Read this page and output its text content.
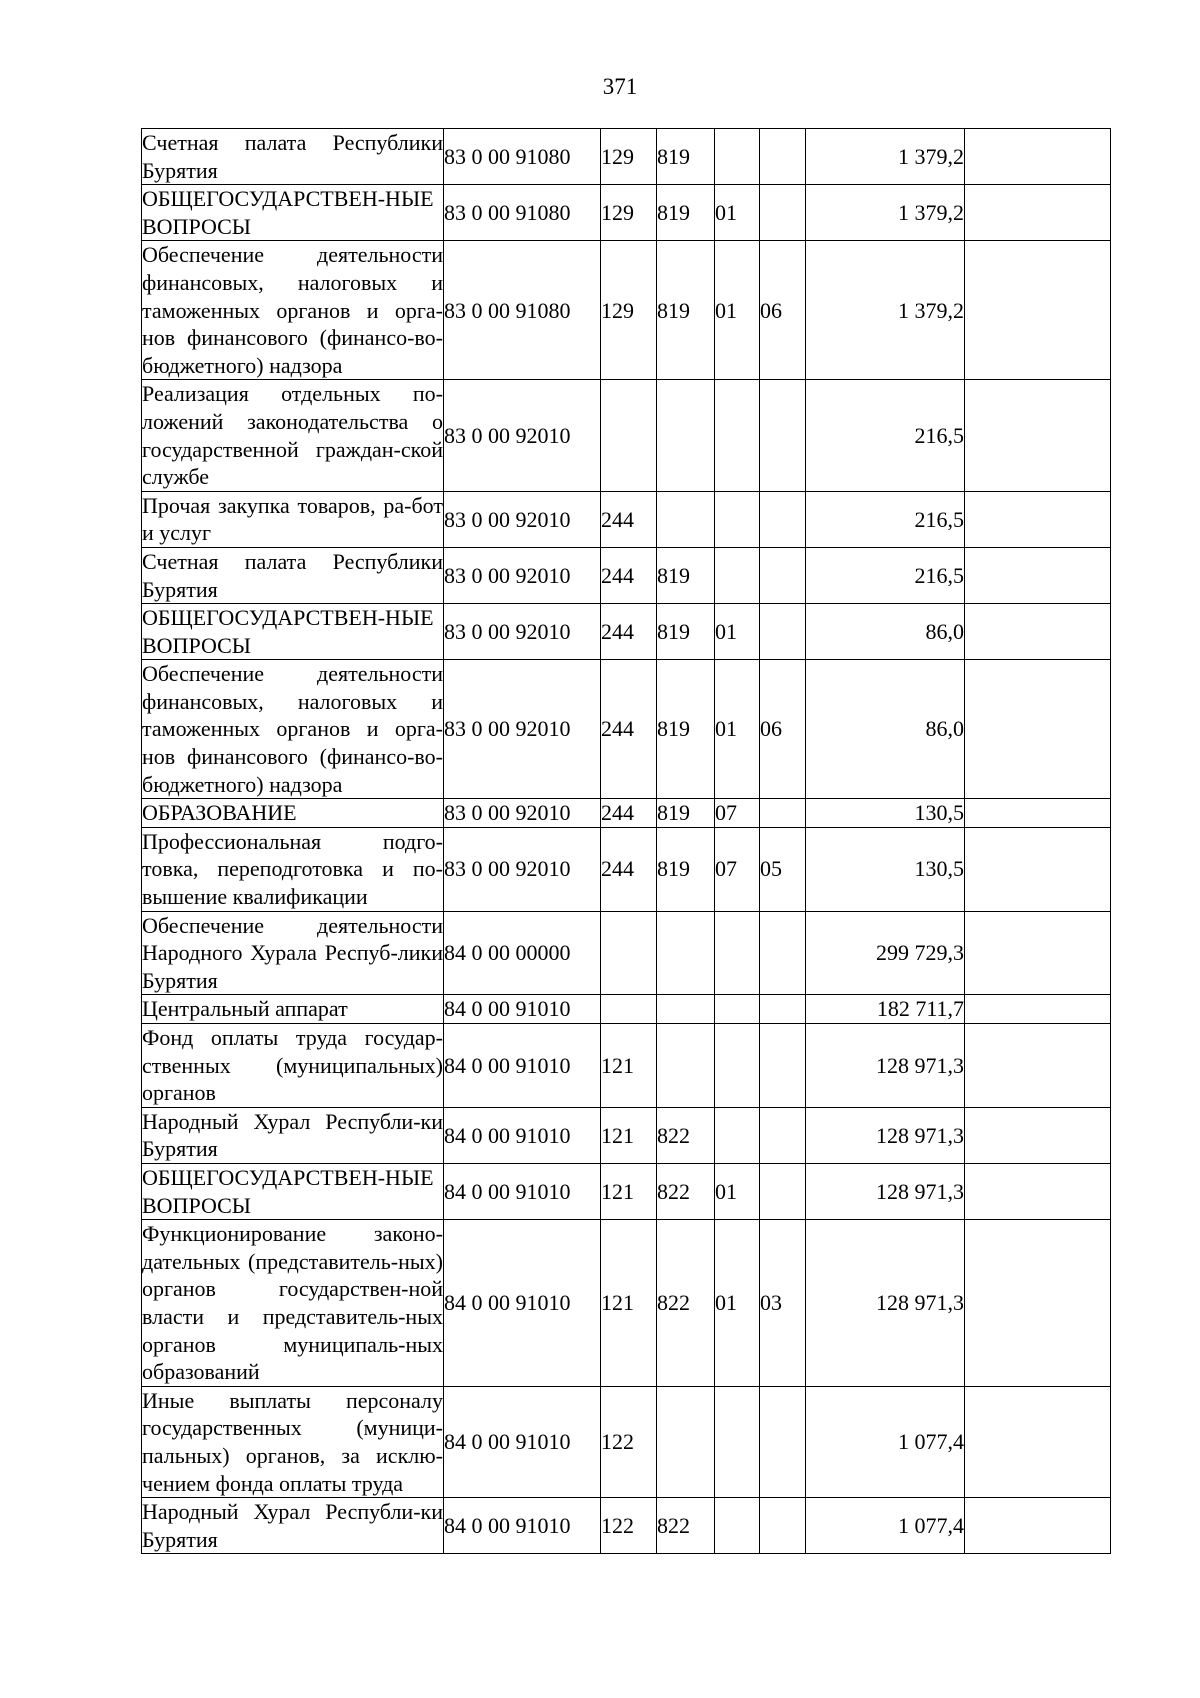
371
Счетная палата Республики Бурятия	83 0 00 91080	129	819			1 379,2	
ОБЩЕГОСУДАРСТВЕН-НЫЕ ВОПРОСЫ	83 0 00 91080	129	819	01		1 379,2	
Обеспечение деятельности финансовых, налоговых и таможенных органов и орга-нов финансового (финансо-во-бюджетного) надзора	83 0 00 91080	129	819	01	06	1 379,2	
Реализация отдельных по-ложений законодательства о государственной граждан-ской службе	83 0 00 92010					216,5	
Прочая закупка товаров, ра-бот и услуг	83 0 00 92010	244				216,5	
Счетная палата Республики Бурятия	83 0 00 92010	244	819			216,5	
ОБЩЕГОСУДАРСТВЕН-НЫЕ ВОПРОСЫ	83 0 00 92010	244	819	01		86,0	
Обеспечение деятельности финансовых, налоговых и таможенных органов и орга-нов финансового (финансо-во-бюджетного) надзора	83 0 00 92010	244	819	01	06	86,0	
ОБРАЗОВАНИЕ	83 0 00 92010	244	819	07		130,5	
Профессиональная подго-товка, переподготовка и по-вышение квалификации	83 0 00 92010	244	819	07	05	130,5	
Обеспечение деятельности Народного Хурала Респуб-лики Бурятия	84 0 00 00000					299 729,3	
Центральный аппарат	84 0 00 91010					182 711,7	
Фонд оплаты труда государ-ственных (муниципальных) органов	84 0 00 91010	121				128 971,3	
Народный Хурал Республи-ки Бурятия	84 0 00 91010	121	822			128 971,3	
ОБЩЕГОСУДАРСТВЕН-НЫЕ ВОПРОСЫ	84 0 00 91010	121	822	01		128 971,3	
Функционирование законо-дательных (представитель-ных) органов государствен-ной власти и представитель-ных органов муниципаль-ных образований	84 0 00 91010	121	822	01	03	128 971,3	
Иные выплаты персоналу государственных (муници-пальных) органов, за исклю-чением фонда оплаты труда	84 0 00 91010	122				1 077,4	
Народный Хурал Республи-ки Бурятия	84 0 00 91010	122	822			1 077,4	
